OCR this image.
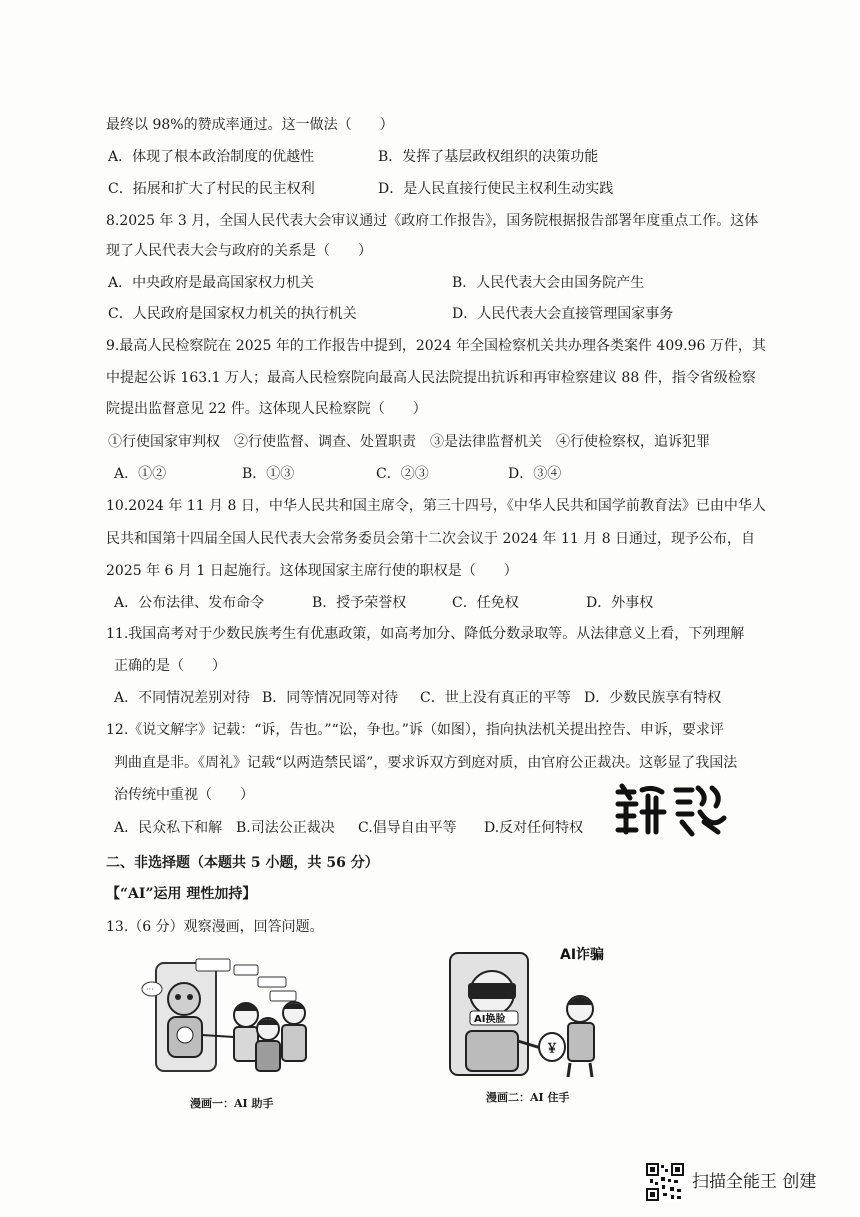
最终以 98%的赞成率通过。这一做法（　　）
A．体现了根本政治制度的优越性	B．发挥了基层政权组织的决策功能
C．拓展和扩大了村民的民主权利	D．是人民直接行使民主权利生动实践
8.2025 年 3 月，全国人民代表大会审议通过《政府工作报告》，国务院根据报告部署年度重点工作。这体
现了人民代表大会与政府的关系是（　　）
A．中央政府是最高国家权力机关	B．人民代表大会由国务院产生
C．人民政府是国家权力机关的执行机关	D．人民代表大会直接管理国家事务
9.最高人民检察院在 2025 年的工作报告中提到，2024 年全国检察机关共办理各类案件 409.96 万件，其
中提起公诉 163.1 万人；最高人民检察院向最高人民法院提出抗诉和再审检察建议 88 件，指令省级检察
院提出监督意见 22 件。这体现人民检察院（　　）
①行使国家审判权　②行使监督、调查、处置职责　③是法律监督机关　④行使检察权，追诉犯罪
A．①②	B．①③	C．②③	D．③④
10.2024 年 11 月 8 日，中华人民共和国主席令，第三十四号，《中华人民共和国学前教育法》已由中华人
民共和国第十四届全国人民代表大会常务委员会第十二次会议于 2024 年 11 月 8 日通过，现予公布，自
2025 年 6 月 1 日起施行。这体现国家主席行使的职权是（　　）
A．公布法律、发布命令	B．授予荣誉权	C．任免权	D．外事权
11.我国高考对于少数民族考生有优惠政策，如高考加分、降低分数录取等。从法律意义上看，下列理解
正确的是（　　）
A．不同情况差别对待 B．同等情况同等对待 C．世上没有真正的平等 D．少数民族享有特权
12.《说文解字》记载：“诉，告也。”“讼，争也。”诉（如图），指向执法机关提出控告、申诉，要求评
判曲直是非。《周礼》记载“以两造禁民谣”，要求诉双方到庭对质，由官府公正裁决。这彰显了我国法
治传统中重视（　　）
A．民众私下和解 B.司法公正裁决 C.倡导自由平等 D.反对任何特权
二、非选择题（本题共 5 小题，共 56 分）
【“AI”运用 理性加持】
13.（6 分）观察漫画，回答问题。
···
漫画一：AI 助手
AI换脸
AI诈骗
￥
漫画二：AI 住手
扫描全能王 创建
